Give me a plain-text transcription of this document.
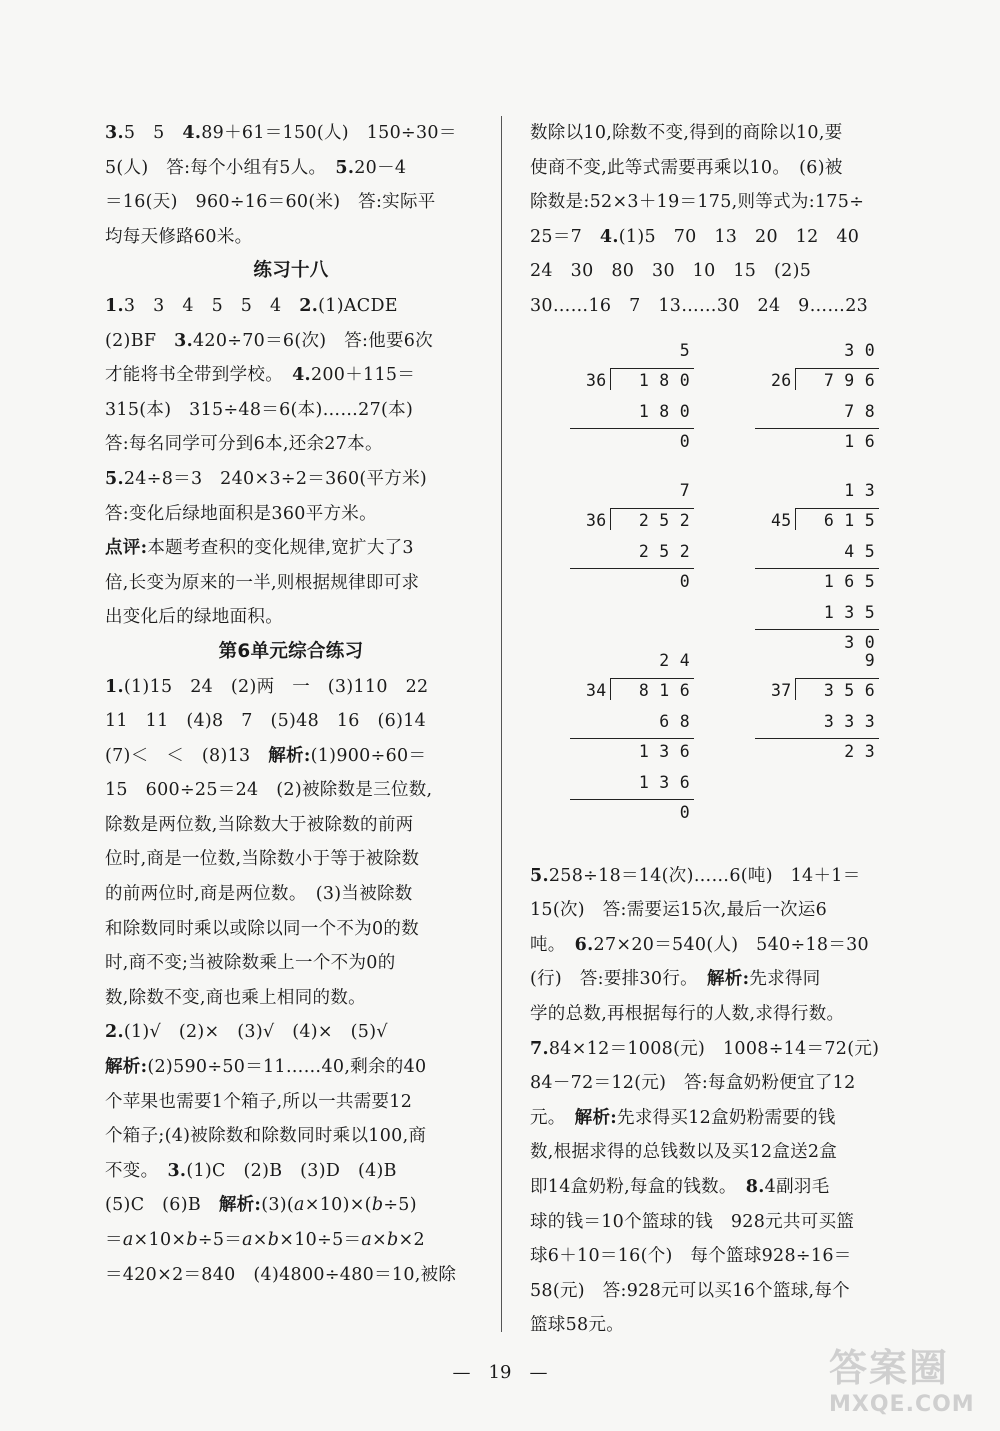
3.5　5　4.89＋61＝150(人)　150÷30＝
5(人)　答:每个小组有5人。　5.20－4
＝16(天)　960÷16＝60(米)　答:实际平
均每天修路60米。
练习十八
1.3　3　4　5　5　4　2.(1)ACDE
(2)BF　3.420÷70＝6(次)　答:他要6次
才能将书全带到学校。　4.200＋115＝
315(本)　315÷48＝6(本)……27(本)
答:每名同学可分到6本,还余27本。
5.24÷8＝3　240×3÷2＝360(平方米)
答:变化后绿地面积是360平方米。
点评:本题考查积的变化规律,宽扩大了3
倍,长变为原来的一半,则根据规律即可求
出变化后的绿地面积。
第6单元综合练习
1.(1)15　24　(2)两　一　(3)110　22
11　11　(4)8　7　(5)48　16　(6)14
(7)＜　＜　(8)13　解析:(1)900÷60＝
15　600÷25＝24　(2)被除数是三位数,
除数是两位数,当除数大于被除数的前两
位时,商是一位数,当除数小于等于被除数
的前两位时,商是两位数。　(3)当被除数
和除数同时乘以或除以同一个不为0的数
时,商不变;当被除数乘上一个不为0的
数,除数不变,商也乘上相同的数。
2.(1)√　(2)×　(3)√　(4)×　(5)√
解析:(2)590÷50＝11……40,剩余的40
个苹果也需要1个箱子,所以一共需要12
个箱子;(4)被除数和除数同时乘以100,商
不变。　3.(1)C　(2)B　(3)D　(4)B
(5)C　(6)B　解析:(3)(a×10)×(b÷5)
＝a×10×b÷5＝a×b×10÷5＝a×b×2
＝420×2＝840　(4)4800÷480＝10,被除
数除以10,除数不变,得到的商除以10,要
使商不变,此等式需要再乘以10。　(6)被
除数是:52×3＋19＝175,则等式为:175÷
25＝7　4.(1)5　70　13　20　12　40
24　30　80　30　10　15　(2)5
30……16　7　13……30　24　9……23
5
36 1 8 0
1 8 0
0
3 0
26 7 9 6
7 8
1 6
7
36 2 5 2
2 5 2
0
1 3
45 6 1 5
4 5
1 6 5
1 3 5
3 0
2 4
34 8 1 6
6 8
1 3 6
1 3 6
0
9
37 3 5 6
3 3 3
2 3
5.258÷18＝14(次)……6(吨)　14＋1＝
15(次)　答:需要运15次,最后一次运6
吨。　6.27×20＝540(人)　540÷18＝30
(行)　答:要排30行。　解析:先求得同
学的总数,再根据每行的人数,求得行数。
7.84×12＝1008(元)　1008÷14＝72(元)
84－72＝12(元)　答:每盒奶粉便宜了12
元。　解析:先求得买12盒奶粉需要的钱
数,根据求得的总钱数以及买12盒送2盒
即14盒奶粉,每盒的钱数。　8.4副羽毛
球的钱＝10个篮球的钱　928元共可买篮
球6＋10＝16(个)　每个篮球928÷16＝
58(元)　答:928元可以买16个篮球,每个
篮球58元。
—　19　—	答案圈
MXQE.COM
